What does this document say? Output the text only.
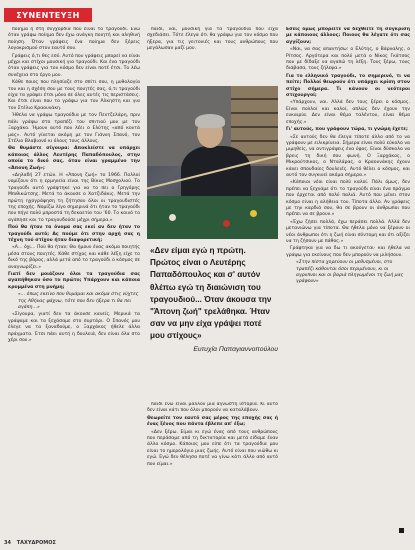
ΣΥΝΕΝΤΕΥΞΗ

ποίημα ή στη συγχορδία που είναι το τραγούδι. Ενώ όταν γράφω ποίημα δεν έχω ανάγκη ποιητή και αληθινή ποίηση. Όταν γράφεις ένα ποίημα δεν ξέρεις λογοκρισμού στον εαυτό σου.

Γράφεις ό,τι θες εσύ. Αυτό που γράφεις μπορεί να είναι μέχρι και στίχοι μουσική για τραγούδι. Και ένα τραγούδι όταν γράφεις για τον κόσμο δεν είναι ποτέ έτσι. Το λέω συνέχεια στο έργο μου.

Κάθε ποιος που πλησίαζε στο σπίτι σου, η μυθολογία του και η σχέση σου με τους ποιητές σας, ό,τι τραγούδι είχα τα γράψει έτσι μόνο σε όλες αυτές τις περιστάσεις. Και έτσι είναι που το γράφω για τον Άλκηστη και για τον Στέλιο Κραουνάκη.

Ήθελα να γράψω τραγούδια με τον Πεντζελάρη, πριν πάλι γράφω στο τραπέζι του σπιτιού μου με τον Ξαρχάκο. Ήμουν αυτό που λέει ο Ελύτης «από κοντά μας». Αυτό γίνεται ακόμη με τον Γιάννη Σπανό, τον Στέλιο Βλαβιανό κι όλους τους άλλους.

Θα θυμάστε σίγουρα: Αποκλείστε να υπάρχει κάποιος άλλος Λευτέρης Παπαδόπουλος, στην οποία το δικό σας, όταν είναι γραμμένο την «Άπονη Ζωή»;

«Δηλαδή 27 ετών. Η «Άπονη ζωή» το 1966. Πολλοί νομίζουν ότι η ερμηνεία είναι της Βίκυς Μοσχολιού. Το τραγούδι αυτό γράφτηκε για να το πει ο Γρηγόρης Μπιθικώτσης. Μετά το άκουσε ο Χατζιδάκις. Μετά την πρώτη ηχογράφηση τη ζήτησαν όλοι οι τραγουδιστές της εποχής. Νομίζω λίγο σημερινά ότι ήταν το τραγούδι που πήγε πολύ μπροστά τη δεκαετία του ’60. Το κοινό το αγάπησε και το τραγουδούσε μέχρι σήμερα.»

Πού θα ήταν τα όνομα σας εκεί αν δεν ήταν το τραγούδι αυτό; Ας πούμε ότι στην αρχή σας η τέχνη τού στίχου ήταν διαφορετική;

«Α... όχι... Πού θα ήταν; Θα ήμουν ένας ακόμα ποιητής μέσα στους ποιητές. Κάθε στίχος και κάθε λέξη είχε το δικό της βάρος, αλλά μετά από το τραγούδι ο κόσμος σε αναγνωρίζει.»

Γιατί δεν μοιάζουν όλοι τα τραγούδια σας αγαπήθηκαν όσο το πρώτο; Υπάρχουν και κάποια κρυμμένα στη μνήμη;

«... όπως εκείνο που θυμάμαι και ακόμα στις νύχτες της Αθήνας ψάχνω, τότε που δεν ήξερα τι θα πει αγάπη…»

«Σίγουρα, γιατί δεν τα άκουσε κανείς. Μερικά τα γράψαμε και τα ξεχάσαμε στο συρτάρι. Ο Σπανός μου έλεγε να τα ξαναδούμε, ο Ξαρχάκος ήθελε άλλα πράγματα. Έτσι πάει αυτή η δουλειά, δεν είναι όλα στο χέρι σου.»

παιδί, ναι, μουσική για τα τραγούδια που είχα σχεδιάσει. Τότε έλεγα ότι θα γράψω για τον κόσμο που ήξερα, για τις γειτονιές και τους ανθρώπους που μεγάλωσαν μαζί μου.

«Δεν είμαι εγώ η πρώτη. Πρώτος είναι ο Λευτέρης Παπαδόπουλος και σ' αυτόν θλέπω εγώ τη διαιώνιση του τραγουδιού... Όταν άκουσα την "Άπονη ζωή" τρελάθηκα. Ήταν σαν να μην είχα γράψει ποτέ μου στίχους»
Ευτυχία Παπαγιαννοπούλου

παιδί ενώ είναι μάλλον μια άγνωστη ιστορία. Κι αυτό δεν είναι κάτι που όλοι μπορούν να καταλάβουν.

Θεωρείτε τον εαυτό σας μέρος της εποχής σας ή ένας ξένος που πάντα έβλεπε απ' έξω;

«Δεν ξέρω. Είμαι κι εγώ ένας από τους ανθρώπους που περάσαμε από τη δικτατορία και μετά είδαμε έναν άλλο κόσμο. Κάποιος μου είπε ότι τα τραγούδια μου είναι το ημερολόγιο μιας ζωής. Αυτό είναι που νιώθω κι εγώ. Εγώ δεν θέλησα ποτέ να γίνω κάτι άλλο από αυτό που είμαι.»

Εσείς όμως μπορείτε να δεχθείτε τη σύγκριση με κάποιους άλλους; Ποιους θα λέγατε ότι σας αγγίζουν;

«Ναι, να σας απαντήσω: ο Ελύτης, ο Βάρναλης, ο Ρίτσος. Αργότερα και πολύ μετά ο Νίκος Γκάτσος που με δίδαξε να αγαπώ τη λέξη. Τους ξέρω, τους διάβασα, τους ζήλεψα.»

Για το ελληνικό τραγούδι, το σημερινό, τι να πείτε; Πολλοί θεωρούν ότι υπάρχει κρίση στον στίχο σήμερα. Τι κάνουν οι νεότεροι στιχουργοί;

«Υπάρχουν, ναι. Αλλά δεν τους ξέρει ο κόσμος. Είναι πολλοί και καλοί, απλώς δεν έχουν την ευκαιρία. Δεν είναι θέμα ταλέντου, είναι θέμα εποχής.»

Γι' αυτούς, που γράφουν τώρα, τι γνώμη έχετε;

«Σε αυτούς δεν θα έλεγα τίποτε άλλο από το να γράφουν με ειλικρίνεια. Σήμερα είναι πολύ εύκολο να μιμηθείς, να αντιγράψεις ένα ύφος. Είναι δύσκολο να βρεις τη δική σου φωνή. Ο Ξαρχάκος, ο Μικρούτσικος, ο Νταλάρας, ο Κραουνάκης έχουν κάνει σπουδαίες δουλειές. Αυτό θέλει ο κόσμος, και αυτό τον συγκινεί ακόμα σήμερα.»

«Κάποιοι νέοι είναι πολύ καλοί. Πάλι όμως, δεν πρέπει να ξεχνάμε ότι το τραγούδι είναι ένα πράγμα που έρχεται από πολύ παλιά. Αυτό που μένει στον κόσμο είναι η αλήθεια του. Τίποτα άλλο. Αν γράφεις με την καρδιά σου, θα σε βρουν οι άνθρωποι που πρέπει να σε βρουν.»

«Έχω ζήσει πολλά, έχω περάσει πολλά. Αλλά δεν μετανιώνω για τίποτα. Θα ήθελα μόνο να ξέρουν οι νέοι άνθρωποι ότι η ζωή είναι σύντομη και ότι αξίζει να τη ζήσουν με πάθος.»

Γράφτηκα για να δω τι ακούγεται· και ήθελα να γράψω για εκείνους που δεν μπορούν να μιλήσουν.

«Στην πίστα χορεύουν οι μεθυσμένοι, στο τραπέζι κάθονται όσοι περιμένουν, κι οι αγρυπνοι και οι βαριά πληγωμένοι τη ζωή μας γράφουν»

34 ΤΑΧΥΔΡΟΜΟΣ
